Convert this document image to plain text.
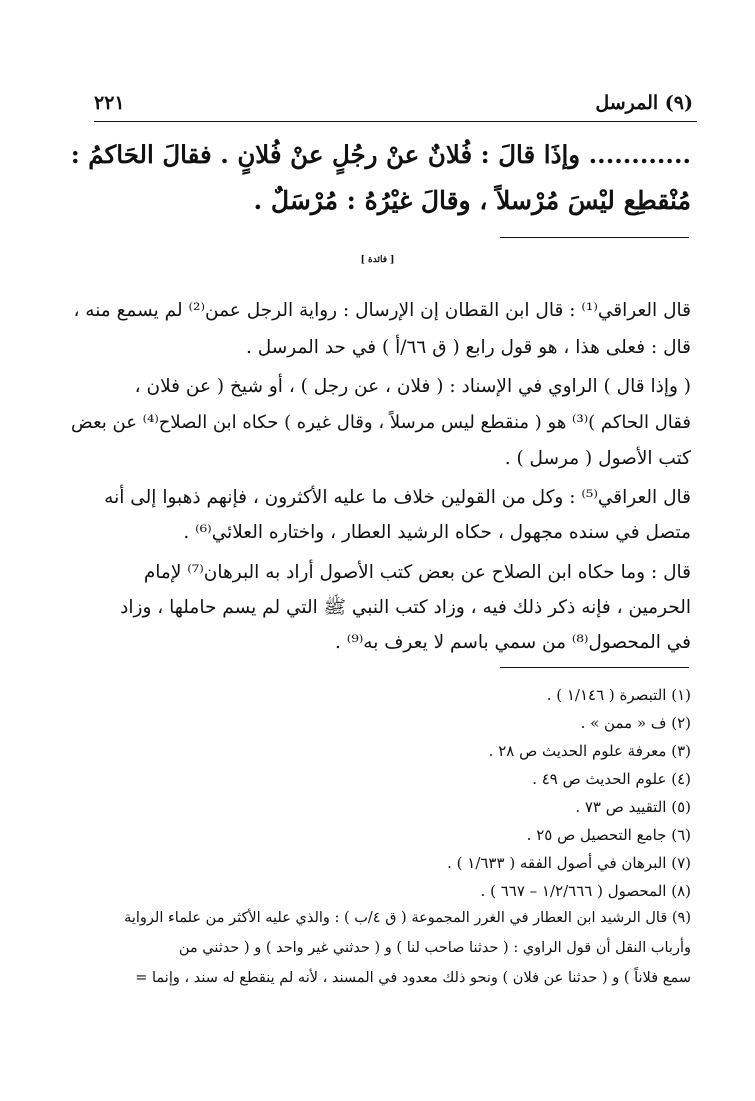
(٩) المرسل
٢٢١
............ وإذَا قالَ : فُلانٌ عنْ رجُلٍ عنْ فُلانٍ . فقالَ الحَاكمُ :
مُنْقطِع ليْسَ مُرْسلاً ، وقالَ غيْرُهُ : مُرْسَلٌ .
[ فائدة ]
قال العراقي⁽¹⁾ : قال ابن القطان إن الإرسال : رواية الرجل عمن⁽²⁾ لم يسمع منه ،
قال : فعلى هذا ، هو قول رابع ( ق ٦٦/أ ) في حد المرسل .
( وإذا قال ) الراوي في الإسناد : ( فلان ، عن رجل ) ، أو شيخ ( عن فلان ،
فقال الحاكم )⁽³⁾ هو ( منقطع ليس مرسلاً ، وقال غيره ) حكاه ابن الصلاح⁽⁴⁾ عن بعض
كتب الأصول ( مرسل ) .
قال العراقي⁽⁵⁾ : وكل من القولين خلاف ما عليه الأكثرون ، فإنهم ذهبوا إلى أنه
متصل في سنده مجهول ، حكاه الرشيد العطار ، واختاره العلائي⁽⁶⁾ .
قال : وما حكاه ابن الصلاح عن بعض كتب الأصول أراد به البرهان⁽⁷⁾ لإمام
الحرمين ، فإنه ذكر ذلك فيه ، وزاد كتب النبي ﷺ التي لم يسم حاملها ، وزاد
في المحصول⁽⁸⁾ من سمي باسم لا يعرف به⁽⁹⁾ .
(١) التبصرة ( ١/١٤٦ ) .
(٢) ف « ممن » .
(٣) معرفة علوم الحديث ص ٢٨ .
(٤) علوم الحديث ص ٤٩ .
(٥) التقييد ص ٧٣ .
(٦) جامع التحصيل ص ٢٥ .
(٧) البرهان في أصول الفقه ( ١/٦٣٣ ) .
(٨) المحصول ( ١/٢/٦٦٦ – ٦٦٧ ) .
(٩) قال الرشيد ابن العطار في الغرر المجموعة ( ق ٤/ب ) : والذي عليه الأكثر من علماء الرواية
وأرباب النقل أن قول الراوي : ( حدثنا صاحب لنا ) و ( حدثني غير واحد ) و ( حدثني من
سمع فلاناً ) و ( حدثنا عن فلان ) ونحو ذلك معدود في المسند ، لأنه لم ينقطع له سند ، وإنما =
